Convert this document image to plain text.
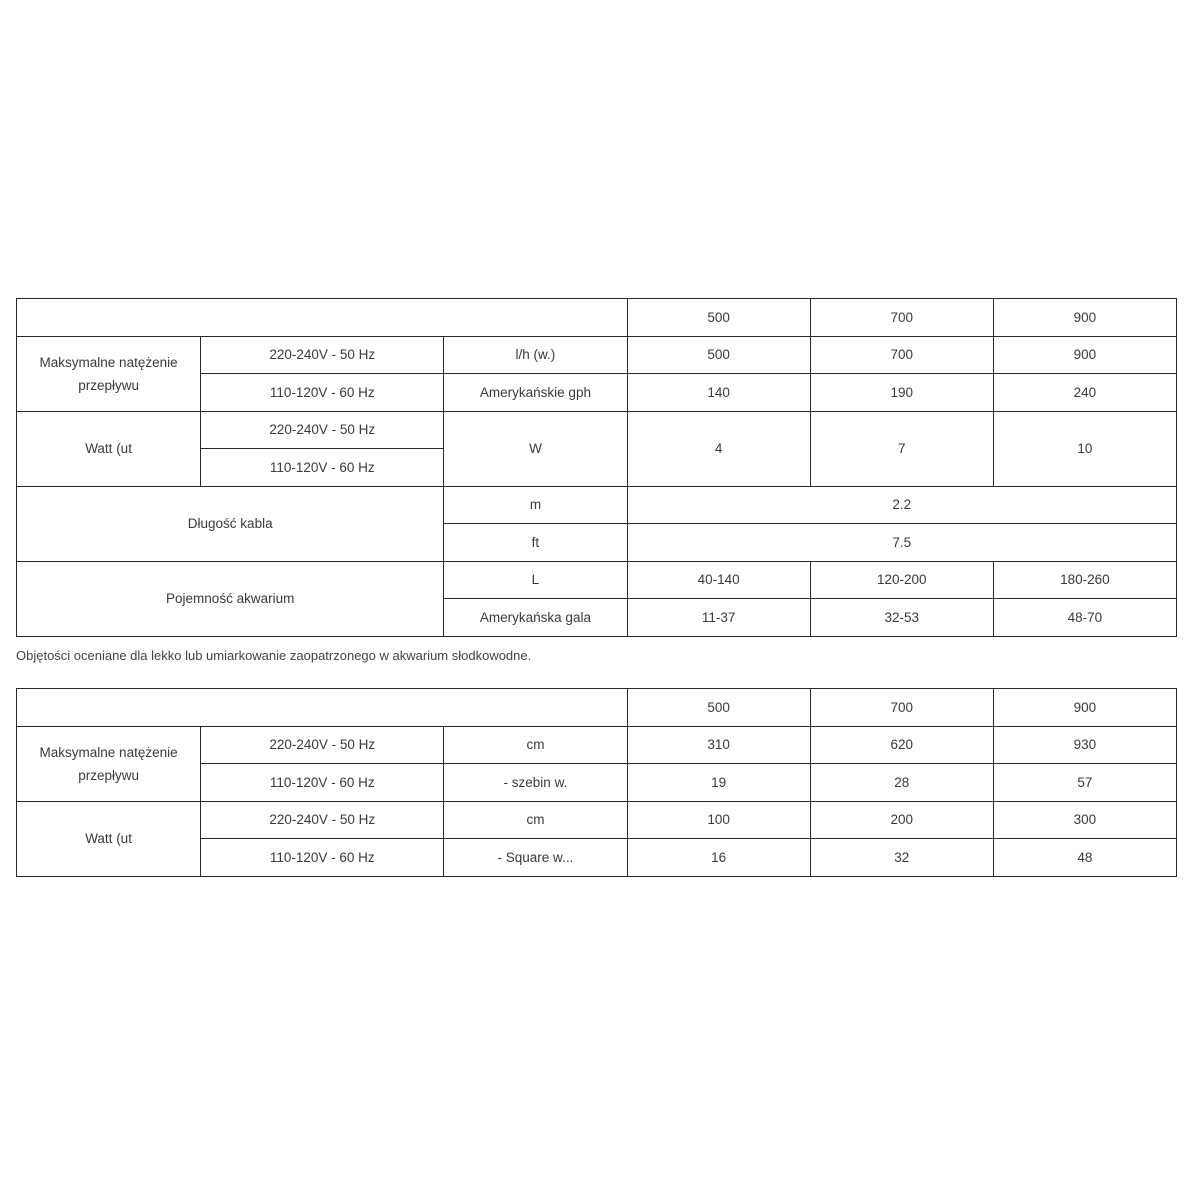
			500	700	900
Maksymalne natężenie przepływu	220-240V - 50 Hz	l/h (w.)	500	700	900
	110-120V - 60 Hz	Amerykańskie gph	140	190	240
Watt (ut	220-240V - 50 Hz	W	4	7	10
	110-120V - 60 Hz				
Długość kabla		m	2.2		
		ft	7.5		
Pojemność akwarium		L	40-140	120-200	180-260
		Amerykańska gala	11-37	32-53	48-70
Objętości oceniane dla lekko lub umiarkowanie zaopatrzonego w akwarium słodkowodne.
			500	700	900
Maksymalne natężenie przepływu	220-240V - 50 Hz	cm	310	620	930
	110-120V - 60 Hz	- szebin w.	19	28	57
Watt (ut	220-240V - 50 Hz	cm	100	200	300
	110-120V - 60 Hz	- Square w...	16	32	48
